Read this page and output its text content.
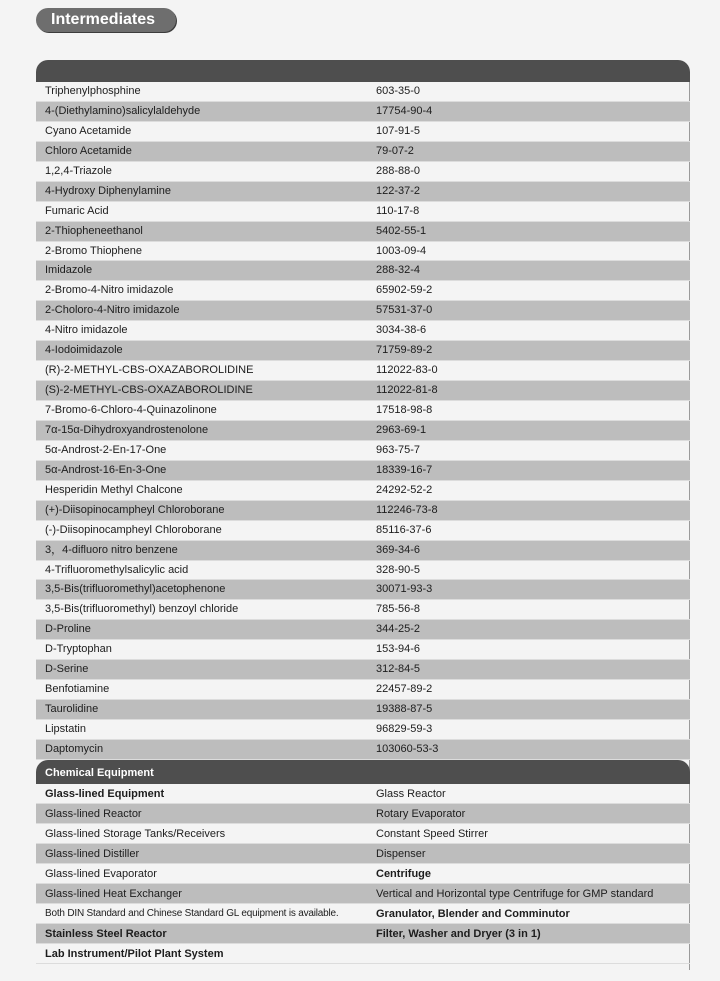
Intermediates
Triphenylphosphine	603-35-0
4-(Diethylamino)salicylaldehyde	17754-90-4
Cyano Acetamide	107-91-5
Chloro Acetamide	79-07-2
1,2,4-Triazole	288-88-0
4-Hydroxy Diphenylamine	122-37-2
Fumaric Acid	110-17-8
2-Thiopheneethanol	5402-55-1
2-Bromo Thiophene	1003-09-4
Imidazole	288-32-4
2-Bromo-4-Nitro imidazole	65902-59-2
2-Choloro-4-Nitro imidazole	57531-37-0
4-Nitro imidazole	3034-38-6
4-Iodoimidazole	71759-89-2
(R)-2-METHYL-CBS-OXAZABOROLIDINE	112022-83-0
(S)-2-METHYL-CBS-OXAZABOROLIDINE	112022-81-8
7-Bromo-6-Chloro-4-Quinazolinone	17518-98-8
7α-15α-Dihydroxyandrostenolone	2963-69-1
5α-Androst-2-En-17-One	963-75-7
5α-Androst-16-En-3-One	18339-16-7
Hesperidin Methyl Chalcone	24292-52-2
(+)-Diisopinocampheyl Chloroborane	112246-73-8
(-)-Diisopinocampheyl Chloroborane	85116-37-6
3，4-difluoro nitro benzene	369-34-6
4-Trifluoromethylsalicylic acid	328-90-5
3,5-Bis(trifluoromethyl)acetophenone	30071-93-3
3,5-Bis(trifluoromethyl) benzoyl chloride	785-56-8
D-Proline	344-25-2
D-Tryptophan	153-94-6
D-Serine	312-84-5
Benfotiamine	22457-89-2
Taurolidine	19388-87-5
Lipstatin	96829-59-3
Daptomycin	103060-53-3
Chemical Equipment
Glass-lined Equipment	Glass Reactor
Glass-lined Reactor	Rotary Evaporator
Glass-lined Storage Tanks/Receivers	Constant Speed Stirrer
Glass-lined Distiller	Dispenser
Glass-lined Evaporator	Centrifuge
Glass-lined Heat Exchanger	Vertical and Horizontal type Centrifuge for GMP standard
Both DIN Standard and Chinese Standard GL equipment is available.	Granulator, Blender and Comminutor
Stainless Steel Reactor	Filter, Washer and Dryer (3 in 1)
Lab Instrument/Pilot Plant System
